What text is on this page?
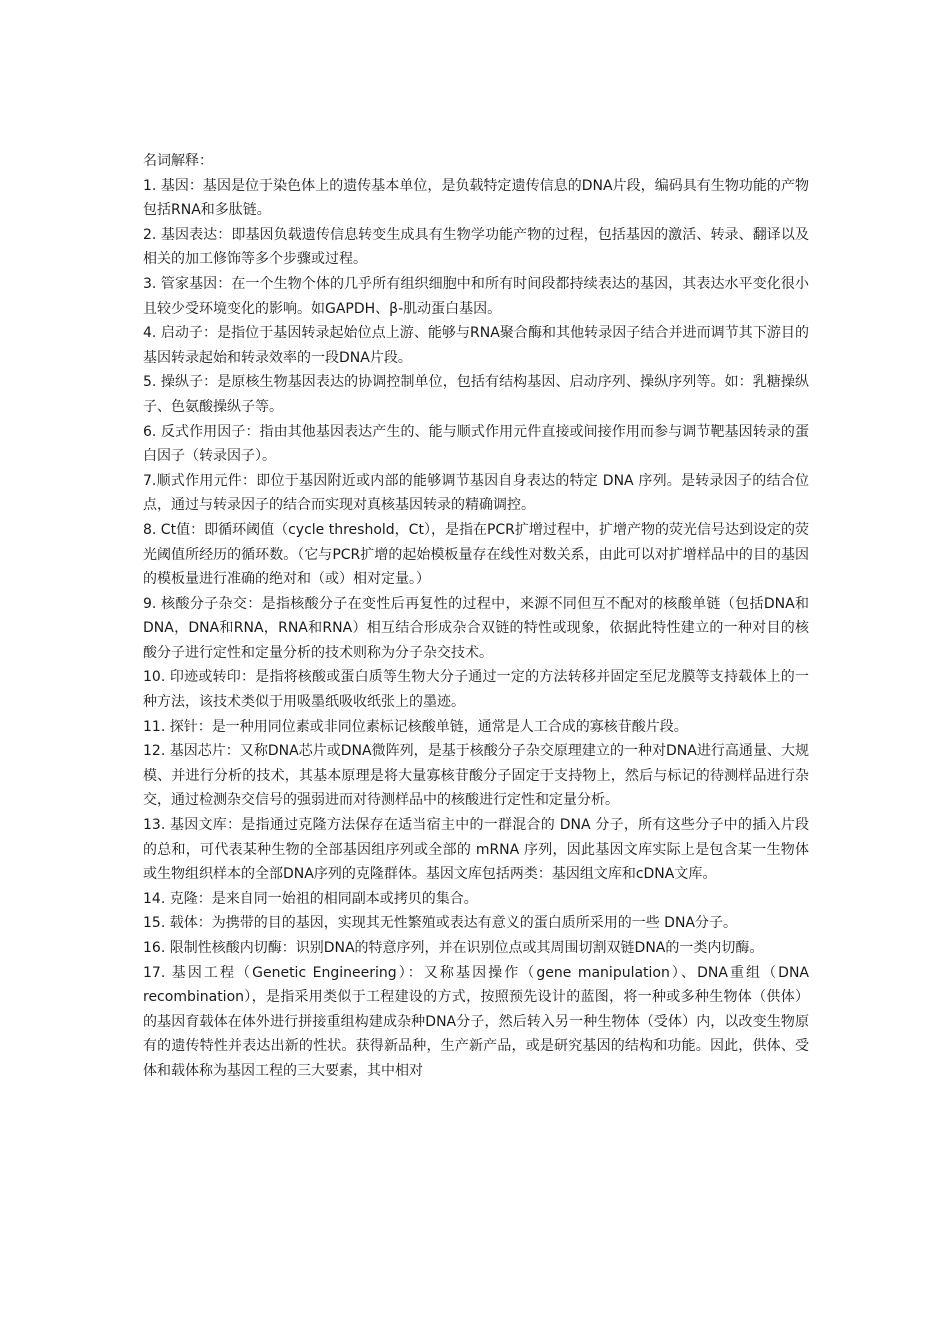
名词解释：

1. 基因：基因是位于染色体上的遗传基本单位，是负载特定遗传信息的DNA片段，编码具有生物功能的产物包括RNA和多肽链。

2. 基因表达：即基因负载遗传信息转变生成具有生物学功能产物的过程，包括基因的激活、转录、翻译以及相关的加工修饰等多个步骤或过程。

3. 管家基因：在一个生物个体的几乎所有组织细胞中和所有时间段都持续表达的基因，其表达水平变化很小且较少受环境变化的影响。如GAPDH、β-肌动蛋白基因。

4. 启动子：是指位于基因转录起始位点上游、能够与RNA聚合酶和其他转录因子结合并进而调节其下游目的基因转录起始和转录效率的一段DNA片段。

5. 操纵子：是原核生物基因表达的协调控制单位，包括有结构基因、启动序列、操纵序列等。如：乳糖操纵子、色氨酸操纵子等。

6. 反式作用因子：指由其他基因表达产生的、能与顺式作用元件直接或间接作用而参与调节靶基因转录的蛋白因子（转录因子）。

7.顺式作用元件：即位于基因附近或内部的能够调节基因自身表达的特定 DNA 序列。是转录因子的结合位点，通过与转录因子的结合而实现对真核基因转录的精确调控。

8. Ct值：即循环阈值（cycle threshold，Ct），是指在PCR扩增过程中，扩增产物的荧光信号达到设定的荧光阈值所经历的循环数。（它与PCR扩增的起始模板量存在线性对数关系，由此可以对扩增样品中的目的基因的模板量进行准确的绝对和（或）相对定量。）

9. 核酸分子杂交：是指核酸分子在变性后再复性的过程中，来源不同但互不配对的核酸单链（包括DNA和DNA，DNA和RNA，RNA和RNA）相互结合形成杂合双链的特性或现象，依据此特性建立的一种对目的核酸分子进行定性和定量分析的技术则称为分子杂交技术。

10. 印迹或转印：是指将核酸或蛋白质等生物大分子通过一定的方法转移并固定至尼龙膜等支持载体上的一种方法，该技术类似于用吸墨纸吸收纸张上的墨迹。

11. 探针：是一种用同位素或非同位素标记核酸单链，通常是人工合成的寡核苷酸片段。

12. 基因芯片：又称DNA芯片或DNA微阵列，是基于核酸分子杂交原理建立的一种对DNA进行高通量、大规模、并进行分析的技术，其基本原理是将大量寡核苷酸分子固定于支持物上，然后与标记的待测样品进行杂交，通过检测杂交信号的强弱进而对待测样品中的核酸进行定性和定量分析。

13. 基因文库：是指通过克隆方法保存在适当宿主中的一群混合的 DNA 分子，所有这些分子中的插入片段的总和，可代表某种生物的全部基因组序列或全部的 mRNA 序列，因此基因文库实际上是包含某一生物体或生物组织样本的全部DNA序列的克隆群体。基因文库包括两类：基因组文库和cDNA文库。

14. 克隆：是来自同一始祖的相同副本或拷贝的集合。

15. 载体：为携带的目的基因，实现其无性繁殖或表达有意义的蛋白质所采用的一些 DNA分子。

16. 限制性核酸内切酶：识别DNA的特意序列，并在识别位点或其周围切割双链DNA的一类内切酶。

17. 基因工程（Genetic Engineering）：又称基因操作（gene manipulation）、DNA重组（DNA recombination），是指采用类似于工程建设的方式，按照预先设计的蓝图，将一种或多种生物体（供体）的基因育载体在体外进行拼接重组构建成杂种DNA分子，然后转入另一种生物体（受体）内，以改变生物原有的遗传特性并表达出新的性状。获得新品种，生产新产品，或是研究基因的结构和功能。因此，供体、受体和载体称为基因工程的三大要素，其中相对
